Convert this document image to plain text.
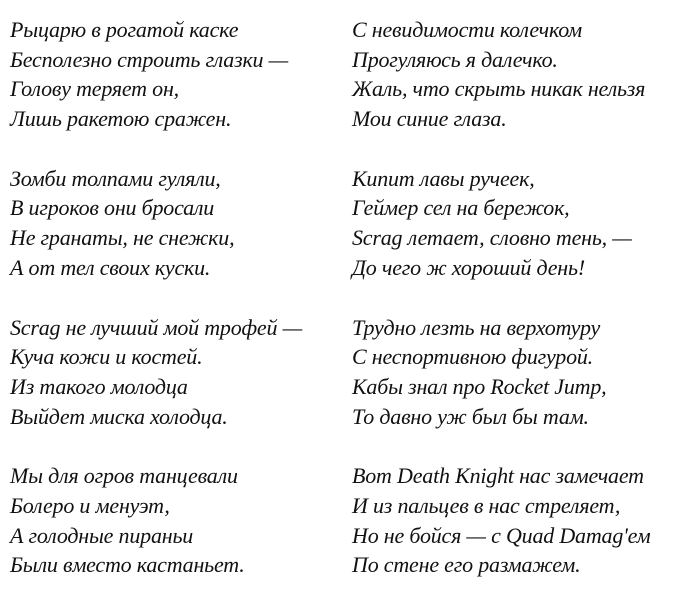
Рыцарю в рогатой каске
Бесполезно строить глазки —
Голову теряет он,
Лишь ракетою сражен.
Зомби толпами гуляли,
В игроков они бросали
Не гранаты, не снежки,
А от тел своих куски.
Scrag не лучший мой трофей —
Куча кожи и костей.
Из такого молодца
Выйдет миска холодца.
Мы для огров танцевали
Болеро и менуэт,
А голодные пираньи
Были вместо кастаньет.
С невидимости колечком
Прогуляюсь я далечко.
Жаль, что скрыть никак нельзя
Мои синие глаза.
Кипит лавы ручеек,
Геймер сел на бережок,
Scrag летает, словно тень, —
До чего ж хороший день!
Трудно лезть на верхотуру
С неспортивною фигурой.
Кабы знал про Rocket Jump,
То давно уж был бы там.
Вот Death Knight нас замечает
И из пальцев в нас стреляет,
Но не бойся — с Quad Damag'ем
По стене его размажем.
